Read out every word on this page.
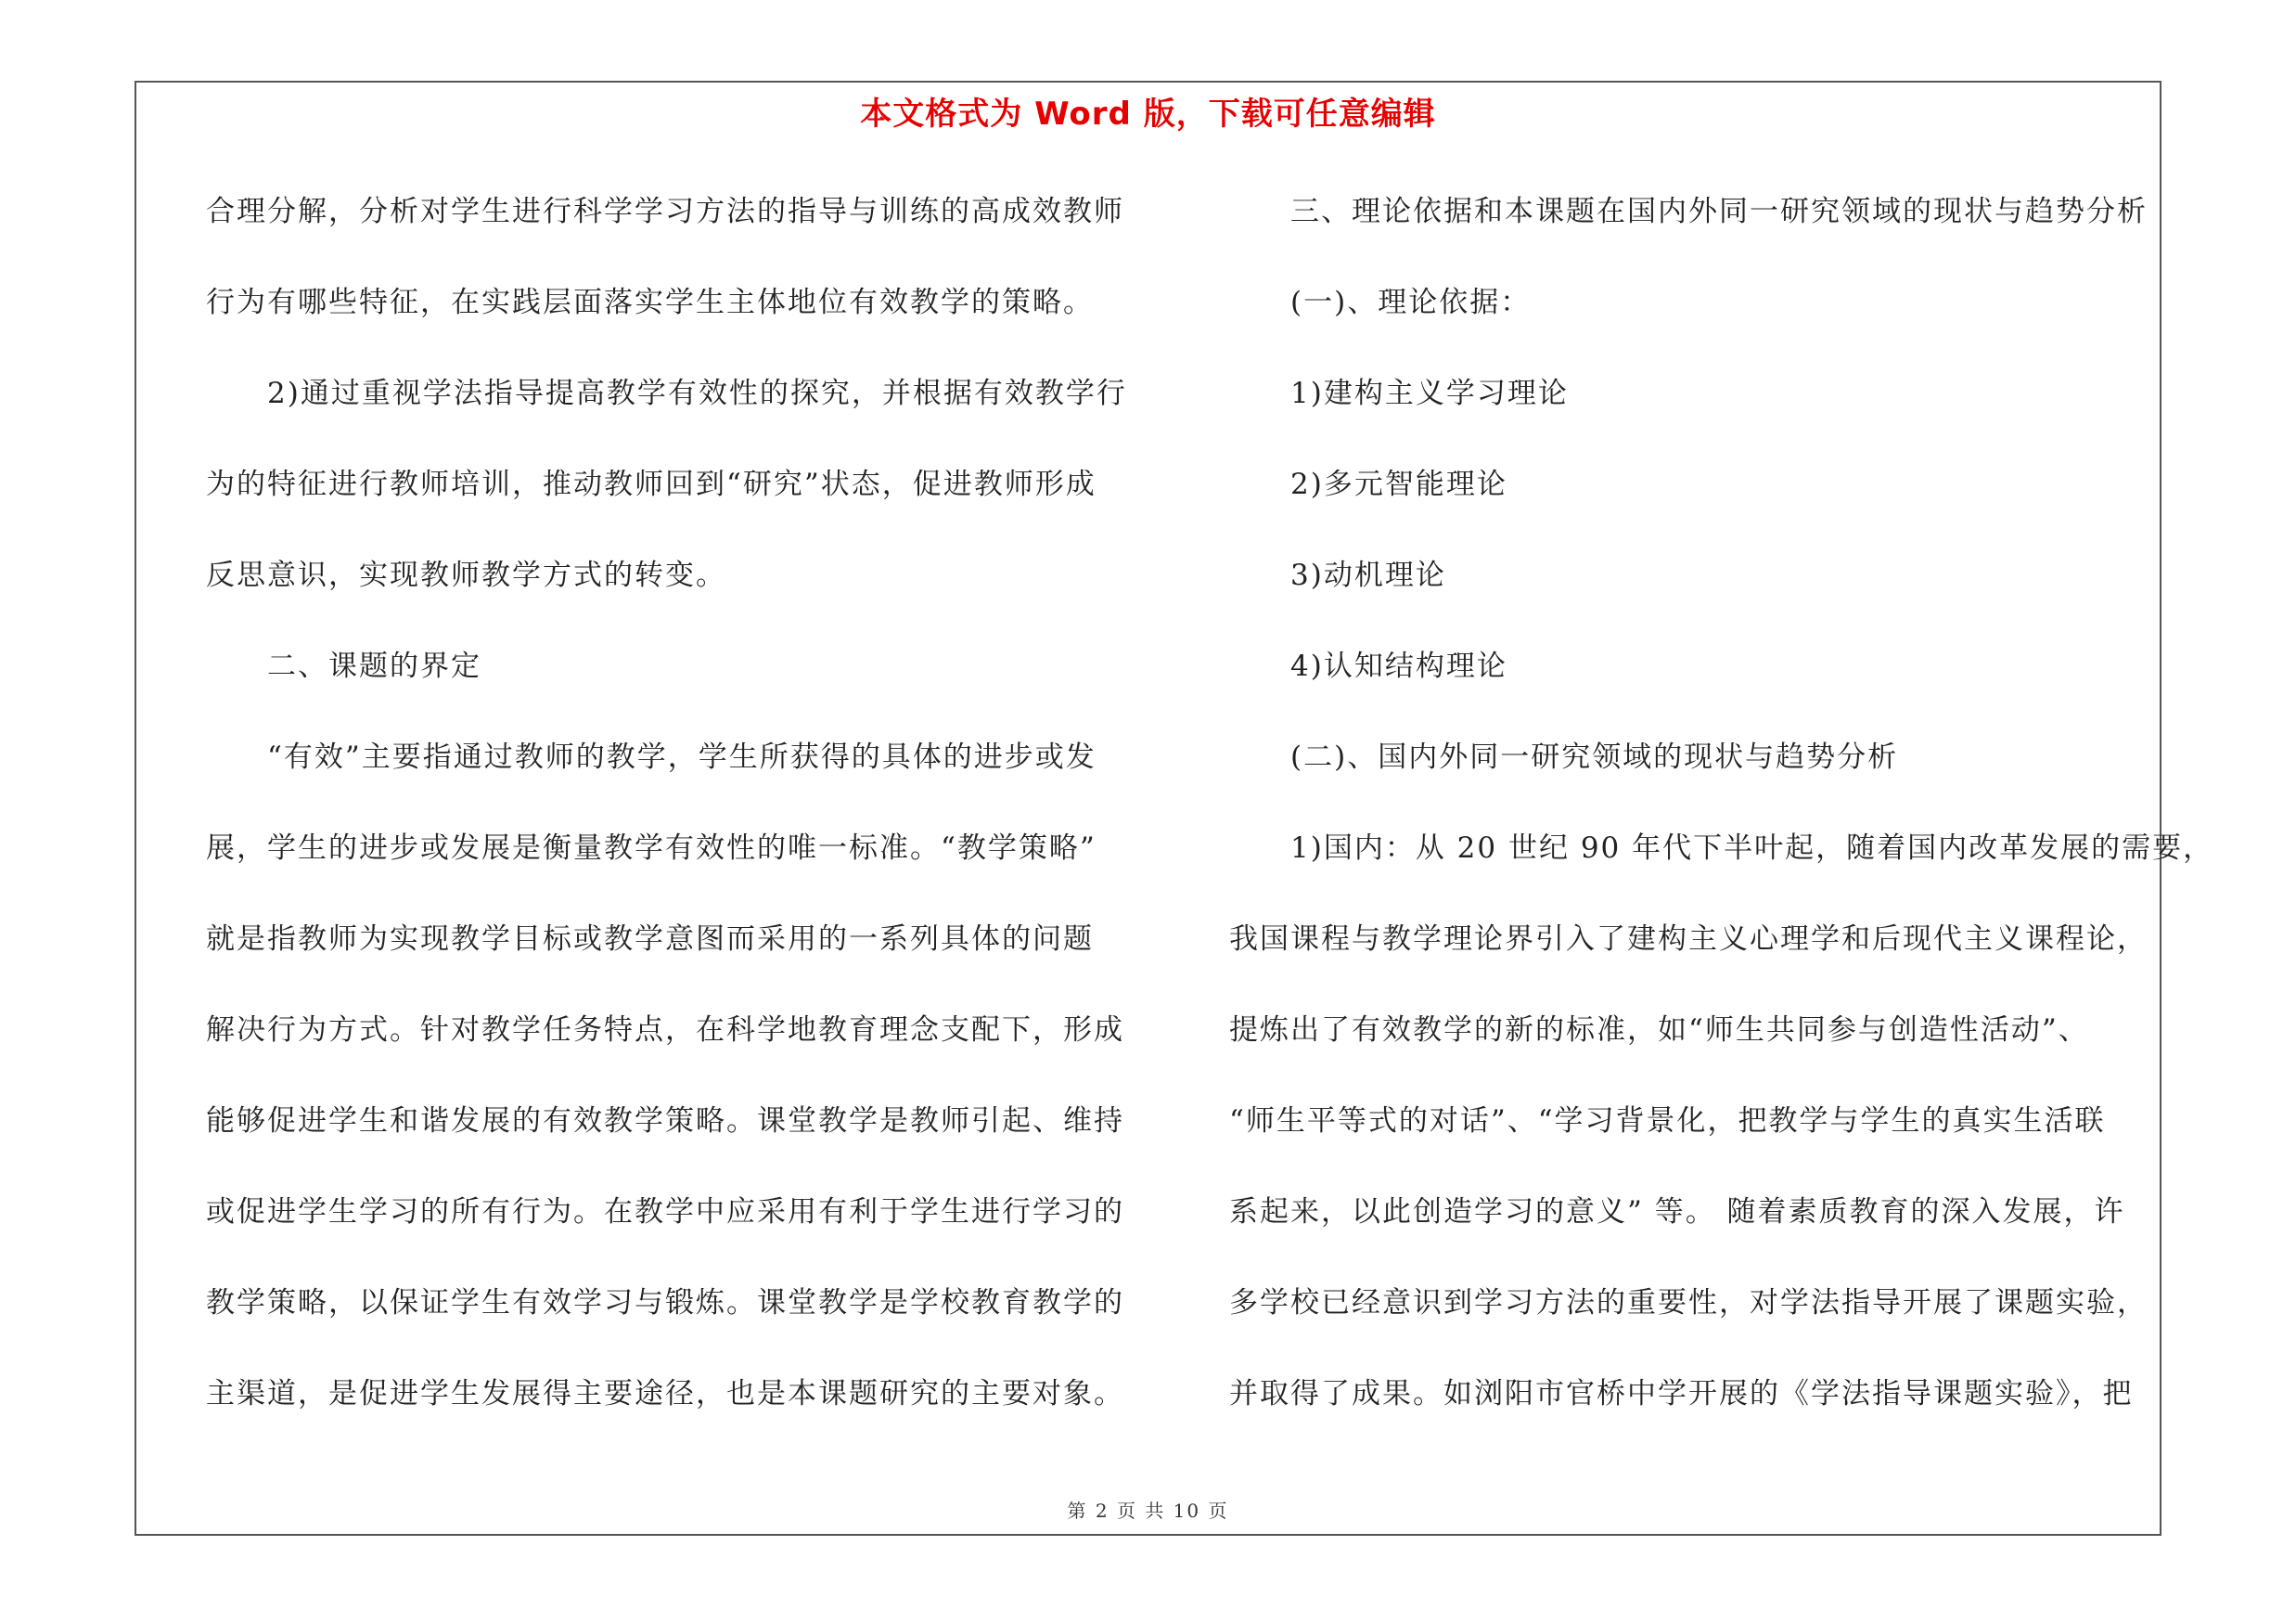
本文格式为 Word 版，下载可任意编辑
合理分解，分析对学生进行科学学习方法的指导与训练的高成效教师
行为有哪些特征，在实践层面落实学生主体地位有效教学的策略。
2)通过重视学法指导提高教学有效性的探究，并根据有效教学行
为的特征进行教师培训，推动教师回到“研究”状态，促进教师形成
反思意识，实现教师教学方式的转变。
二、课题的界定
“有效”主要指通过教师的教学，学生所获得的具体的进步或发
展，学生的进步或发展是衡量教学有效性的唯一标准。“教学策略”
就是指教师为实现教学目标或教学意图而采用的一系列具体的问题
解决行为方式。针对教学任务特点，在科学地教育理念支配下，形成
能够促进学生和谐发展的有效教学策略。课堂教学是教师引起、维持
或促进学生学习的所有行为。在教学中应采用有利于学生进行学习的
教学策略，以保证学生有效学习与锻炼。课堂教学是学校教育教学的
主渠道，是促进学生发展得主要途径，也是本课题研究的主要对象。
三、理论依据和本课题在国内外同一研究领域的现状与趋势分析
(一)、理论依据：
1)建构主义学习理论
2)多元智能理论
3)动机理论
4)认知结构理论
(二)、国内外同一研究领域的现状与趋势分析
1)国内：从 20 世纪 90 年代下半叶起，随着国内改革发展的需要，
我国课程与教学理论界引入了建构主义心理学和后现代主义课程论，
提炼出了有效教学的新的标准，如“师生共同参与创造性活动”、
“师生平等式的对话”、“学习背景化，把教学与学生的真实生活联
系起来，以此创造学习的意义” 等。 随着素质教育的深入发展，许
多学校已经意识到学习方法的重要性，对学法指导开展了课题实验，
并取得了成果。如浏阳市官桥中学开展的《学法指导课题实验》，把
第 2 页 共 10 页
